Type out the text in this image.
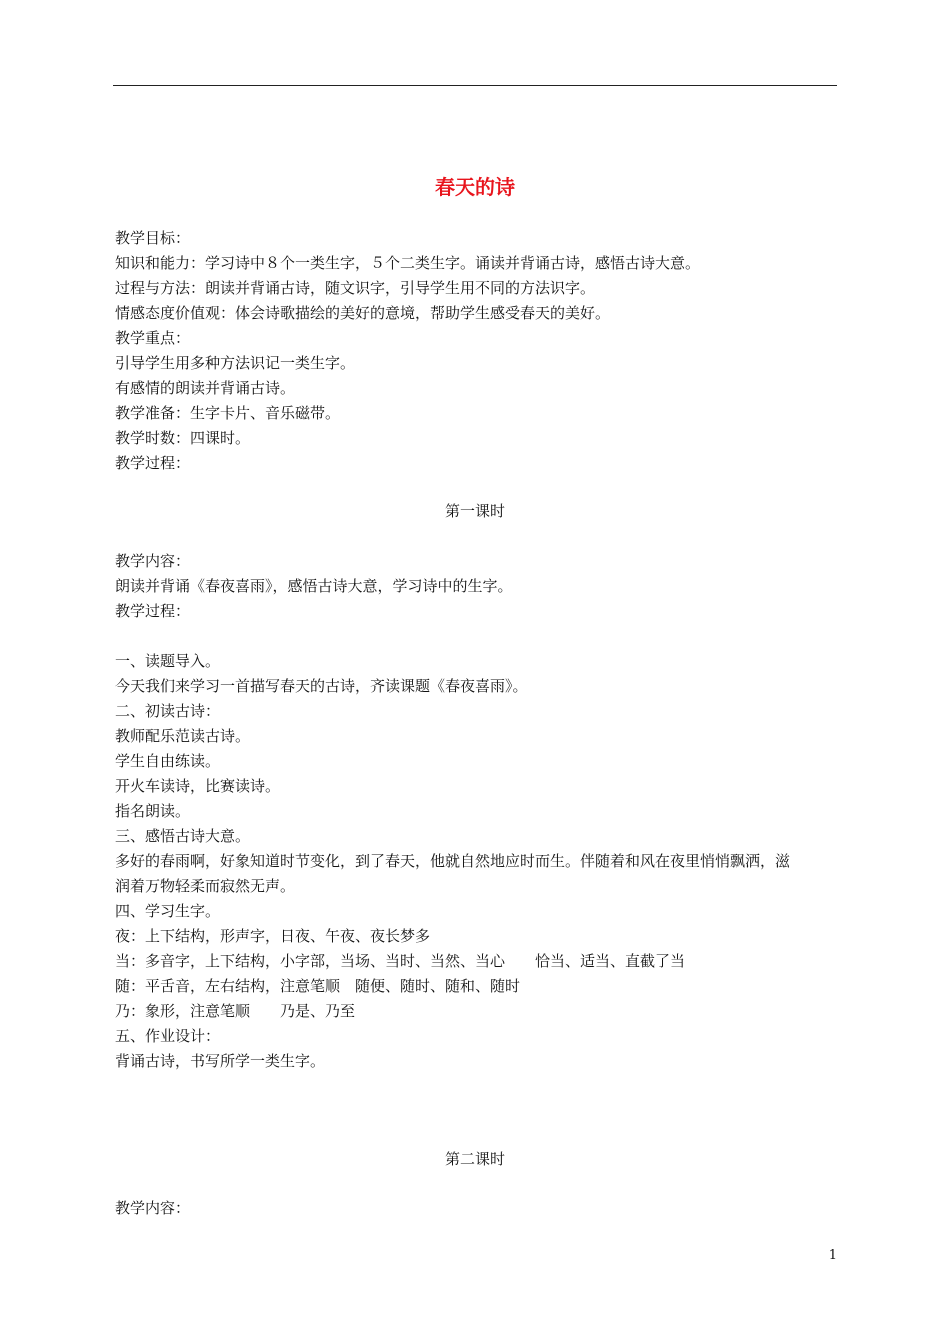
春天的诗

教学目标：

知识和能力：学习诗中８个一类生字，５个二类生字。诵读并背诵古诗，感悟古诗大意。

过程与方法：朗读并背诵古诗，随文识字，引导学生用不同的方法识字。

情感态度价值观：体会诗歌描绘的美好的意境，帮助学生感受春天的美好。

教学重点：

引导学生用多种方法识记一类生字。

有感情的朗读并背诵古诗。

教学准备：生字卡片、音乐磁带。

教学时数：四课时。

教学过程：

第一课时

教学内容：

朗读并背诵《春夜喜雨》，感悟古诗大意，学习诗中的生字。

教学过程：

一、读题导入。

今天我们来学习一首描写春天的古诗，齐读课题《春夜喜雨》。

二、初读古诗：

教师配乐范读古诗。

学生自由练读。

开火车读诗，比赛读诗。

指名朗读。

三、感悟古诗大意。

多好的春雨啊，好象知道时节变化，到了春天，他就自然地应时而生。伴随着和风在夜里悄悄飘洒，滋

润着万物轻柔而寂然无声。

四、学习生字。

夜：上下结构，形声字，日夜、午夜、夜长梦多

当：多音字，上下结构，小字部，当场、当时、当然、当心　　恰当、适当、直截了当

随：平舌音，左右结构，注意笔顺　随便、随时、随和、随时

乃：象形，注意笔顺　　乃是、乃至

五、作业设计：

背诵古诗，书写所学一类生字。

第二课时

教学内容：

1
